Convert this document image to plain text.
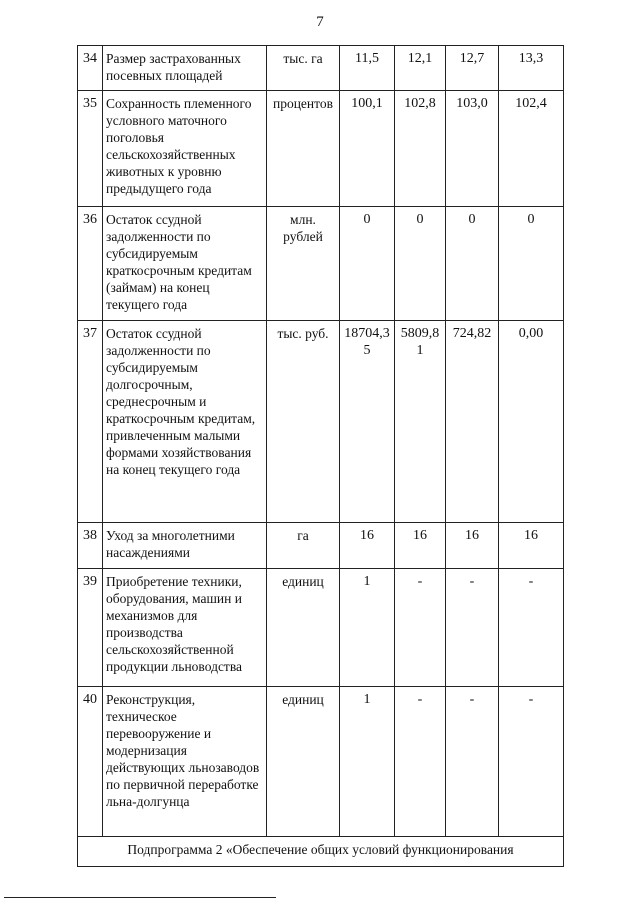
7
34	Размер застрахованных посевных площадей	тыс. га	11,5	12,1	12,7	13,3
35	Сохранность племенного условного маточного поголовья сельскохозяйственных животных к уровню предыдущего года	процентов	100,1	102,8	103,0	102,4
36	Остаток ссудной задолженности по субсидируемым краткосрочным кредитам (займам) на конец текущего года	млн. рублей	0	0	0	0
37	Остаток ссудной задолженности по субсидируемым долгосрочным, среднесрочным и краткосрочным кредитам, привлеченным малыми формами хозяйствования на конец текущего года	тыс. руб.	18704,35	5809,81	724,82	0,00
38	Уход за многолетними насаждениями	га	16	16	16	16
39	Приобретение техники, оборудования, машин и механизмов для производства сельскохозяйственной продукции льноводства	единиц	1	-	-	-
40	Реконструкция, техническое перевооружение и модернизация действующих льнозаводов по первичной переработке льна-долгунца	единиц	1	-	-	-
Подпрограмма 2 «Обеспечение общих условий функционирования						
